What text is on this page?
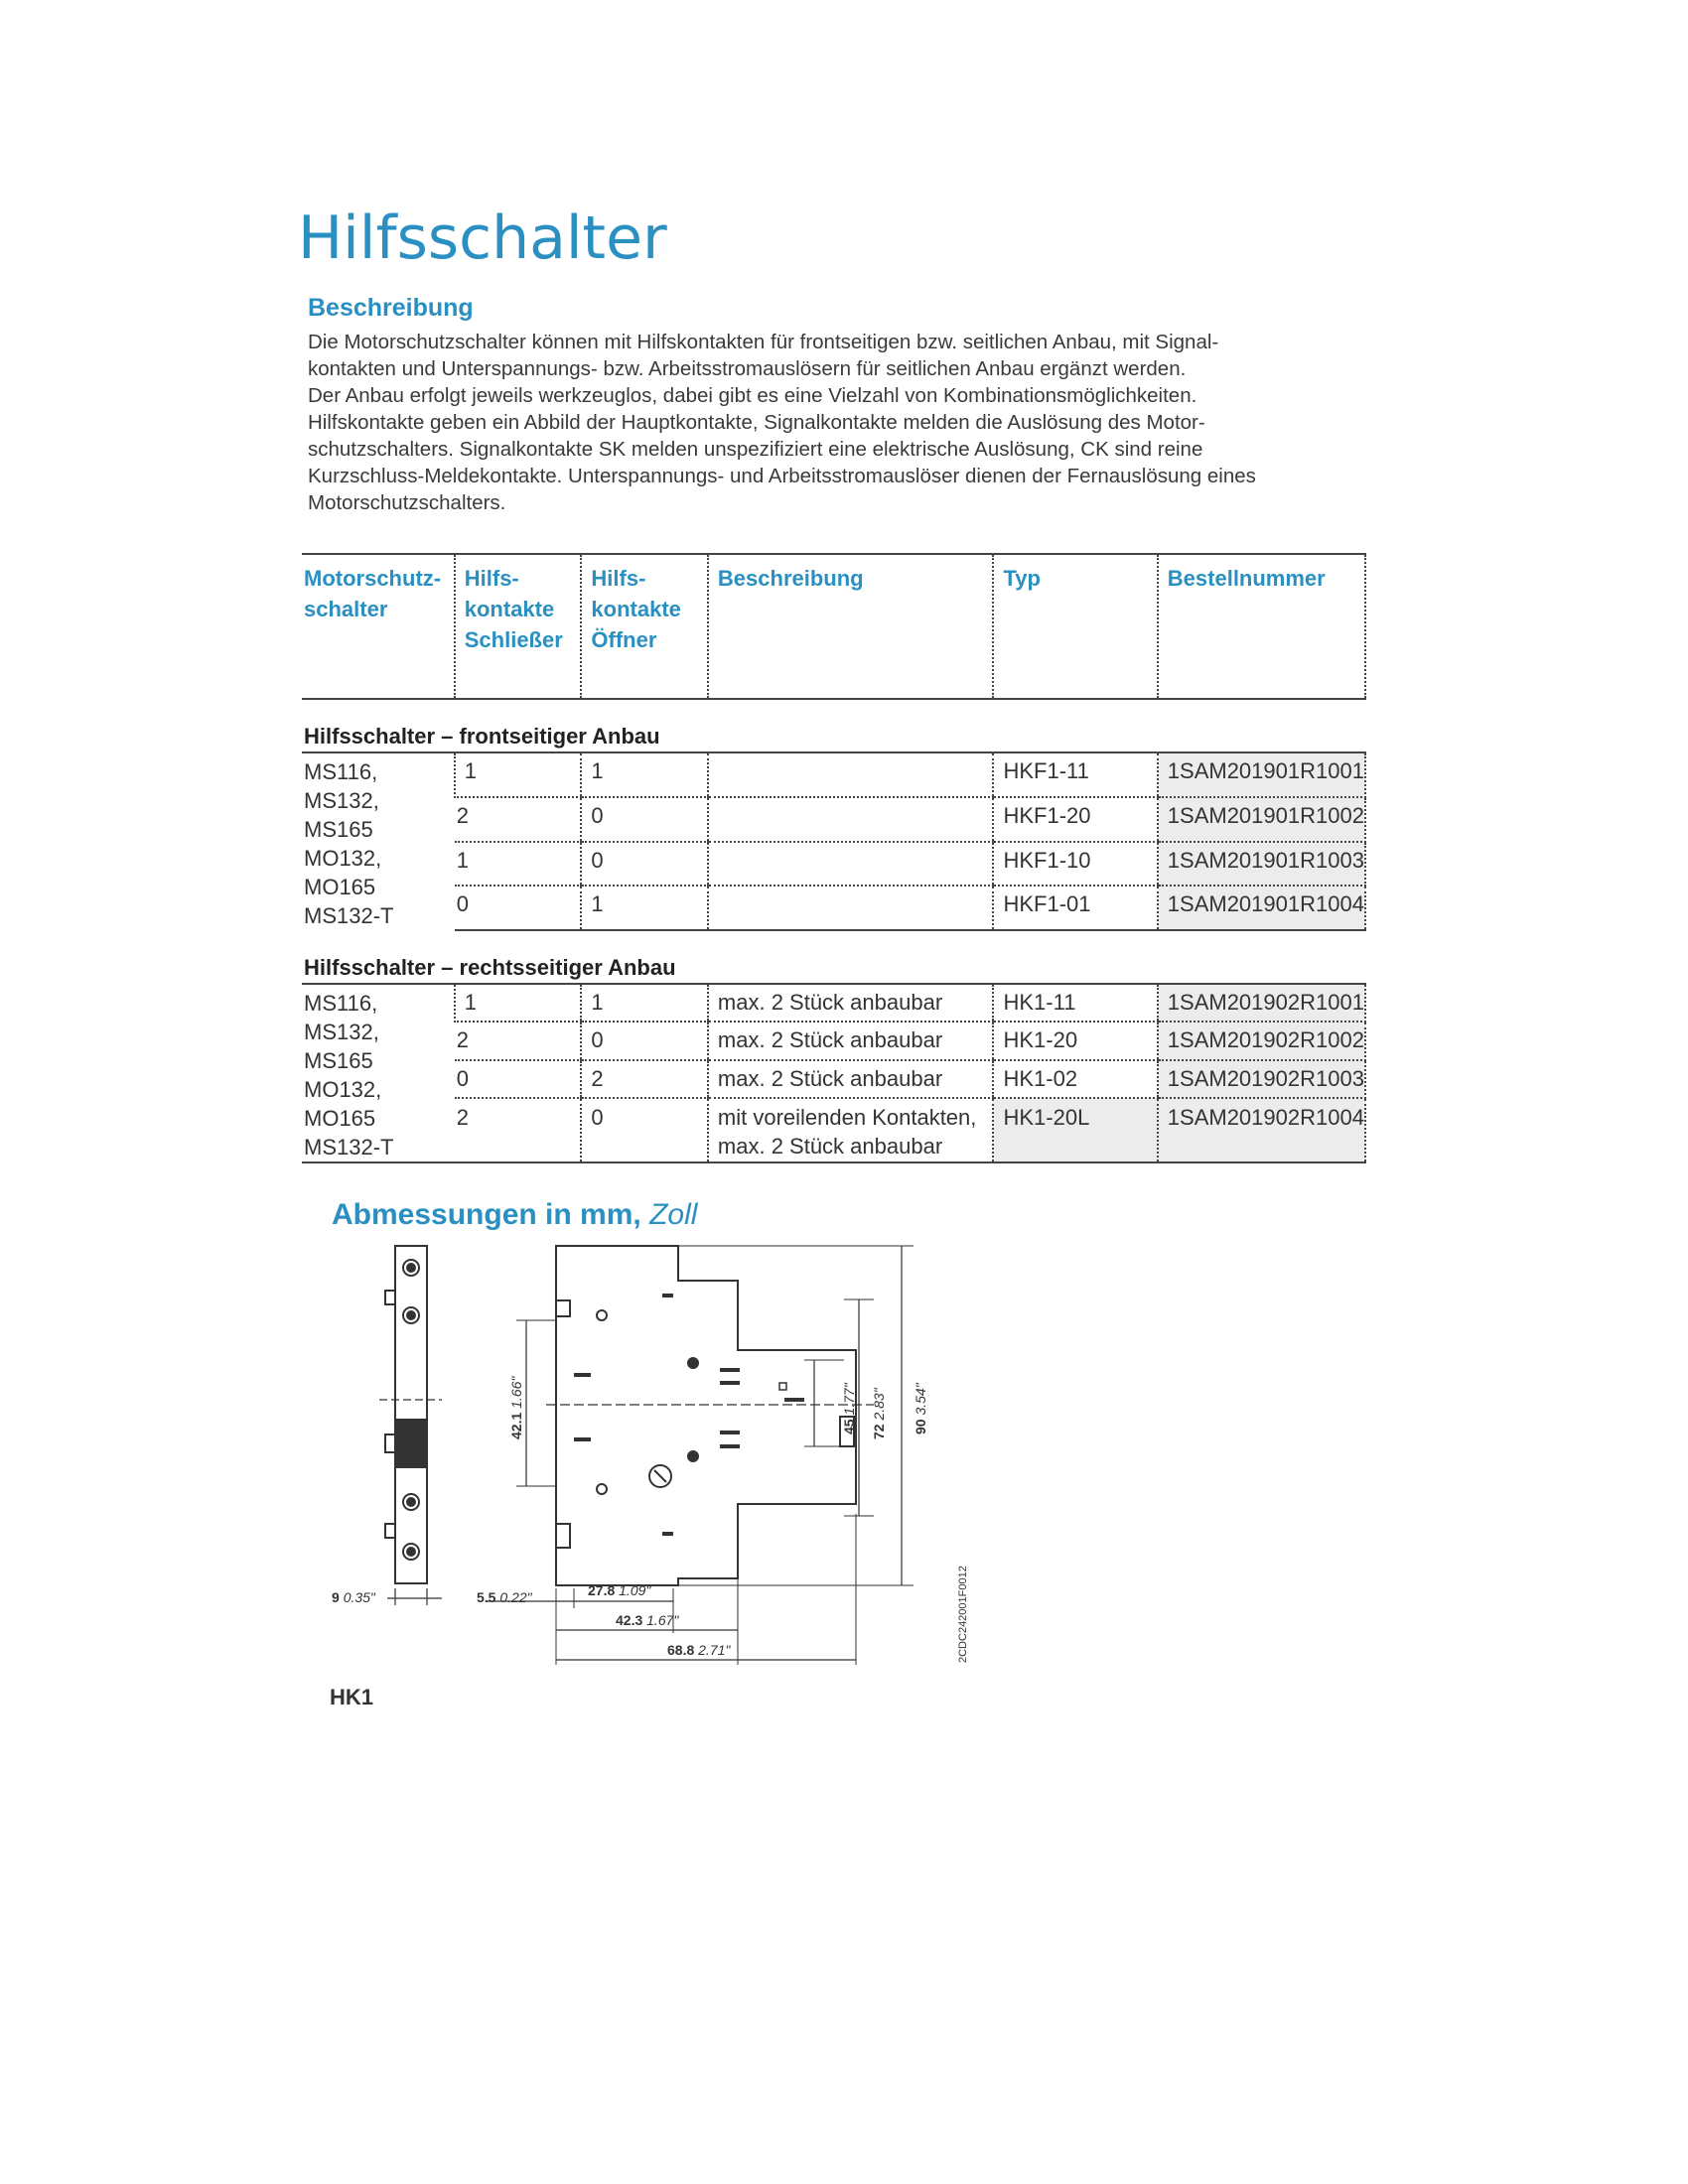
Hilfsschalter
Beschreibung

Die Motorschutzschalter können mit Hilfskontakten für frontseitigen bzw. seitlichen Anbau, mit Signal-

kontakten und Unterspannungs- bzw. Arbeitsstromauslösern für seitlichen Anbau ergänzt werden.

Der Anbau erfolgt jeweils werkzeuglos, dabei gibt es eine Vielzahl von Kombinationsmöglichkeiten.

Hilfskontakte geben ein Abbild der Hauptkontakte, Signalkontakte melden die Auslösung des Motor-

schutzschalters. Signalkontakte SK melden unspezifiziert eine elektrische Auslösung, CK sind reine

Kurzschluss-Meldekontakte. Unterspannungs- und Arbeitsstromauslöser dienen der Fernauslösung eines

Motorschutzschalters.

Motorschutz-
schalter	Hilfs-
kontakte
Schließer	Hilfs-
kontakte
Öffner	Beschreibung	Typ	Bestellnummer
Hilfsschalter – frontseitiger Anbau					
MS116,
MS132, MS165
MO132, MO165
MS132-T	1	1		HKF1-11	1SAM201901R1001
	2	0		HKF1-20	1SAM201901R1002
	1	0		HKF1-10	1SAM201901R1003
	0	1		HKF1-01	1SAM201901R1004
Hilfsschalter – rechtsseitiger Anbau					
MS116,
MS132, MS165
MO132, MO165
MS132-T	1	1	max. 2 Stück anbaubar	HK1-11	1SAM201902R1001
	2	0	max. 2 Stück anbaubar	HK1-20	1SAM201902R1002
	0	2	max. 2 Stück anbaubar	HK1-02	1SAM201902R1003
	2	0	mit voreilenden Kontakten,
max. 2 Stück anbaubar	HK1-20L	1SAM201902R1004
Abmessungen in mm, Zoll
9 0.35"	5.5 0.22"	27.8 1.09"
42.3 1.67"
68.8 2.71"
42.1 1.66"
45 1.77"
72 2.83"
90 3.54"
2CDC242001F0012
HK1
